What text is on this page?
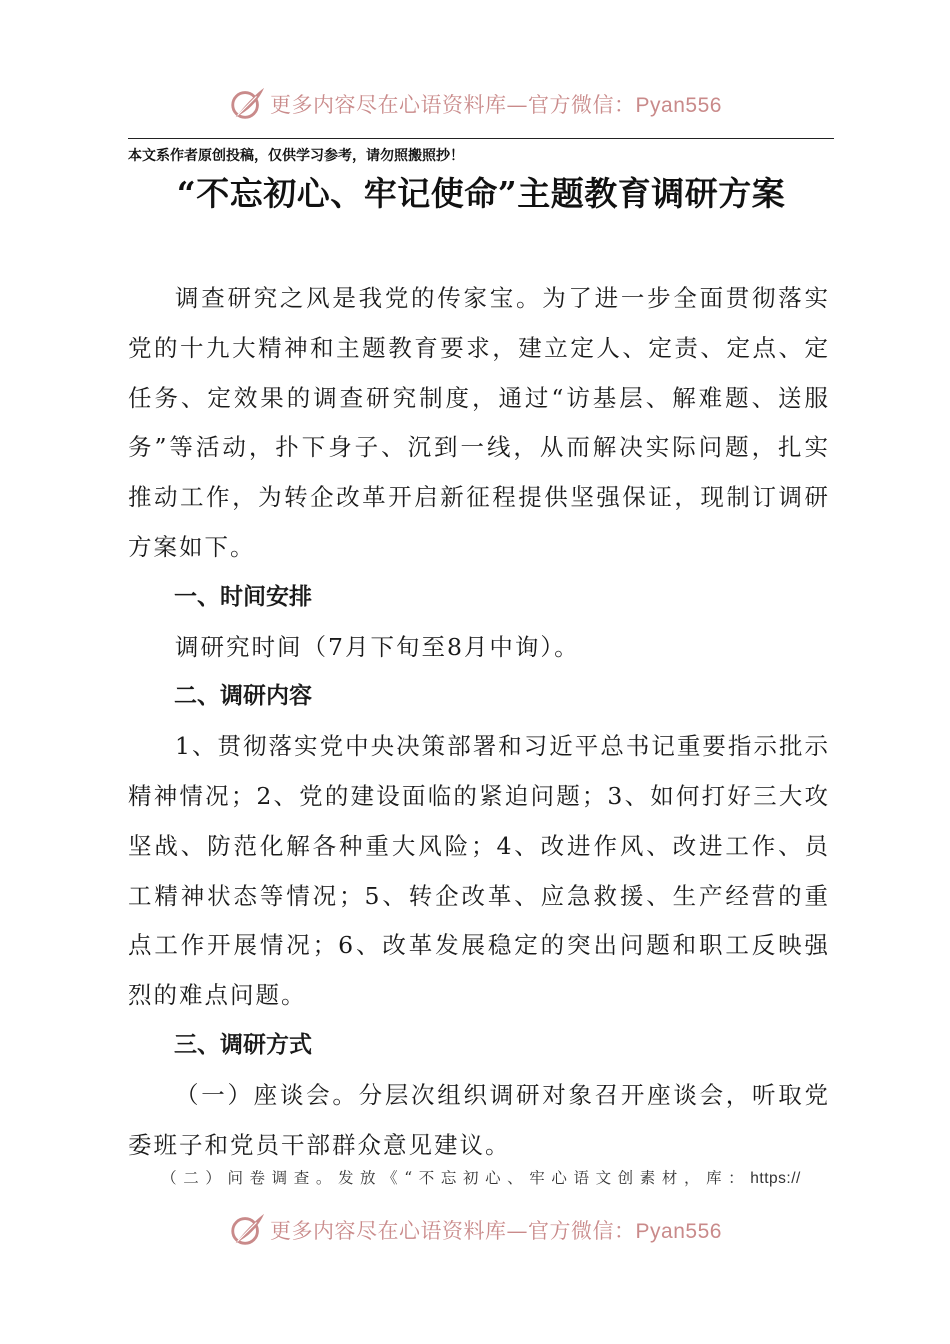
更多内容尽在心语资料库—官方微信：Pyan556
本文系作者原创投稿，仅供学习参考，请勿照搬照抄！
“不忘初心、牢记使命”主题教育调研方案

调查研究之风是我党的传家宝。为了进一步全面贯彻落实党的十九大精神和主题教育要求，建立定人、定责、定点、定任务、定效果的调查研究制度，通过“访基层、解难题、送服务”等活动，扑下身子、沉到一线，从而解决实际问题，扎实推动工作，为转企改革开启新征程提供坚强保证，现制订调研方案如下。

一、时间安排

调研究时间（7月下旬至8月中询）。

二、调研内容

1、贯彻落实党中央决策部署和习近平总书记重要指示批示精神情况；2、党的建设面临的紧迫问题；3、如何打好三大攻坚战、防范化解各种重大风险；4、改进作风、改进工作、员工精神状态等情况；5、转企改革、应急救援、生产经营的重点工作开展情况；6、改革发展稳定的突出问题和职工反映强烈的难点问题。

三、调研方式

（一）座谈会。分层次组织调研对象召开座谈会，听取党委班子和党员干部群众意见建议。

（二）问卷调查。发放《“不忘初心、牢心语文创素材，库：https://
更多内容尽在心语资料库—官方微信：Pyan556
